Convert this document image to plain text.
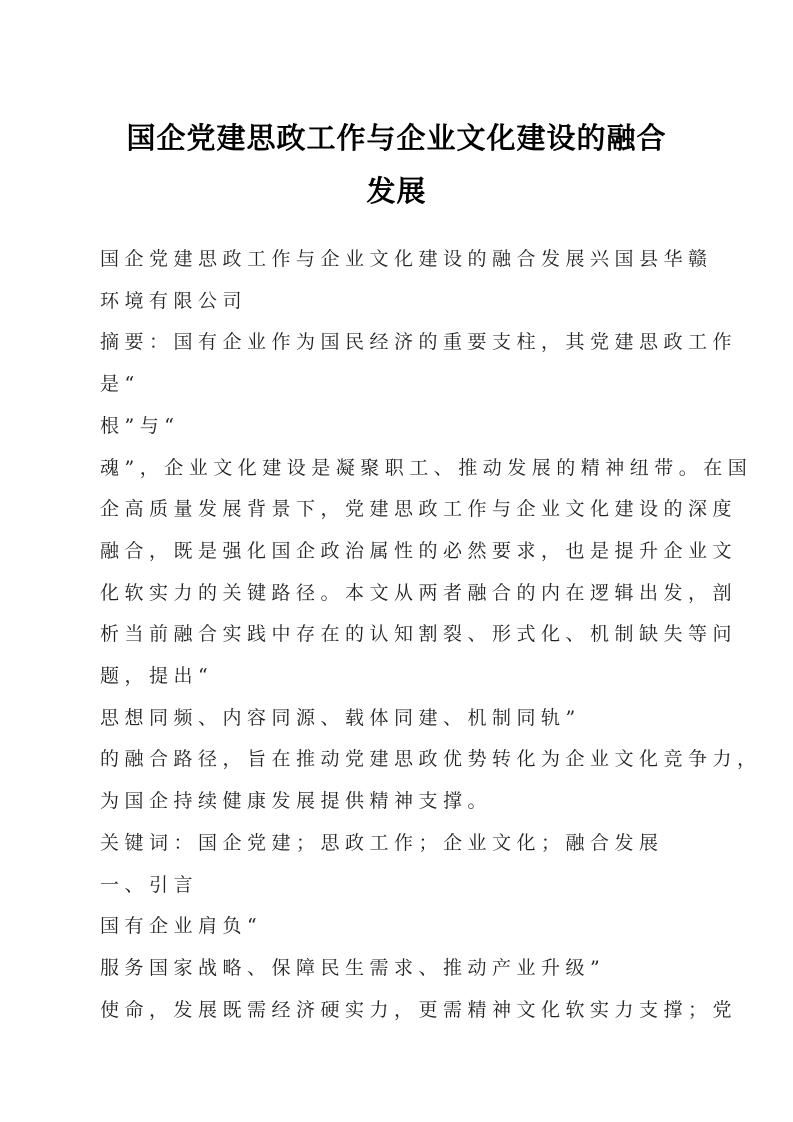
国企党建思政工作与企业文化建设的融合
发展

国企党建思政工作与企业文化建设的融合发展兴国县华赣

环境有限公司

摘要：国有企业作为国民经济的重要支柱，其党建思政工作

是“

根”与“

魂”，企业文化建设是凝聚职工、推动发展的精神纽带。在国

企高质量发展背景下，党建思政工作与企业文化建设的深度

融合，既是强化国企政治属性的必然要求，也是提升企业文

化软实力的关键路径。本文从两者融合的内在逻辑出发，剖

析当前融合实践中存在的认知割裂、形式化、机制缺失等问

题，提出“

思想同频、内容同源、载体同建、机制同轨”

的融合路径，旨在推动党建思政优势转化为企业文化竞争力，

为国企持续健康发展提供精神支撑。

关键词：国企党建；思政工作；企业文化；融合发展

一、引言

国有企业肩负“

服务国家战略、保障民生需求、推动产业升级”

使命，发展既需经济硬实力，更需精神文化软实力支撑；党
